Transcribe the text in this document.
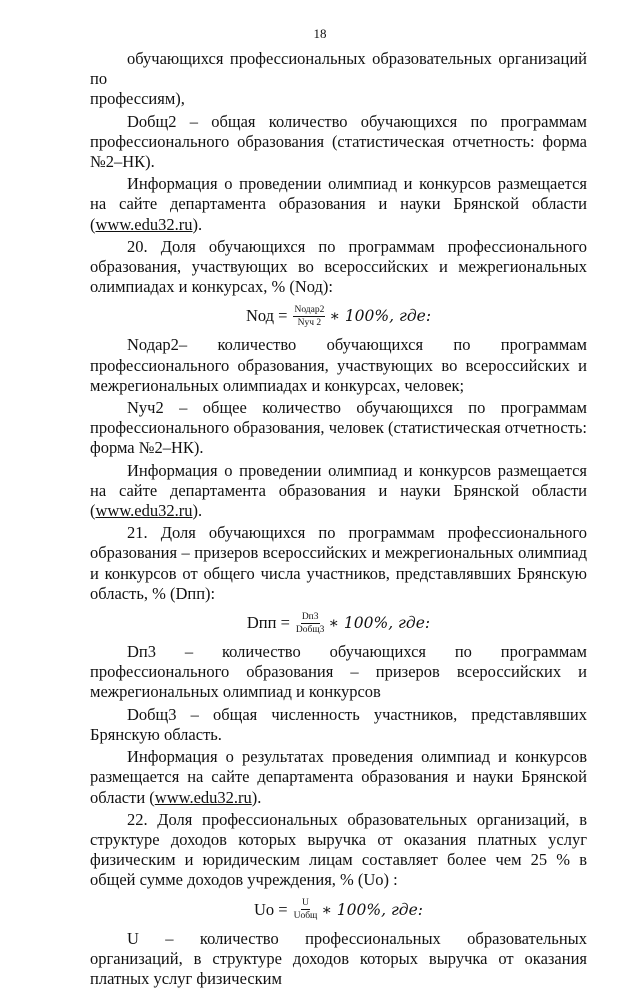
18

обучающихся профессиональных образовательных организаций по

профессиям),

Dобщ2 – общая количество обучающихся по программам профессионального образования (статистическая отчетность: форма №2–НК).

Информация о проведении олимпиад и конкурсов размещается на сайте департамента образования и науки Брянской области (www.edu32.ru).

20. Доля обучающихся по программам профессионального образования, участвующих во всероссийских и межрегиональных олимпиадах и конкурсах, % (Nод):

Nод = $\frac{\text{Nодар2}}{\text{Nуч 2}}$ ∗ 100%, где:

Nодар2– количество обучающихся по программам профессионального образования, участвующих во всероссийских и межрегиональных олимпиадах и конкурсах, человек;

Nуч2 – общее количество обучающихся по программам профессионального образования, человек (статистическая отчетность: форма №2–НК).

Информация о проведении олимпиад и конкурсов размещается на сайте департамента образования и науки Брянской области (www.edu32.ru).

21. Доля обучающихся по программам профессионального образования – призеров всероссийских и межрегиональных олимпиад и конкурсов от общего числа участников, представлявших Брянскую область, % (Dпп):

Dпп = $\frac{Dп3}{\text{Dобщ3}}$ ∗ 100%, где:

Dп3 – количество обучающихся по программам профессионального образования – призеров всероссийских и межрегиональных олимпиад и конкурсов

Dобщ3 – общая численность участников, представлявших Брянскую область.

Информация о результатах проведения олимпиад и конкурсов размещается на сайте департамента образования и науки Брянской области (www.edu32.ru).

22. Доля профессиональных образовательных организаций, в структуре доходов которых выручка от оказания платных услуг физическим и юридическим лицам составляет более чем 25 % в общей сумме доходов учреждения, % (Uо) :

Uо = $\frac{U}{\text{Uобщ}}$ ∗ 100%, где:

U – количество профессиональных образовательных организаций, в структуре доходов которых выручка от оказания платных услуг физическим
